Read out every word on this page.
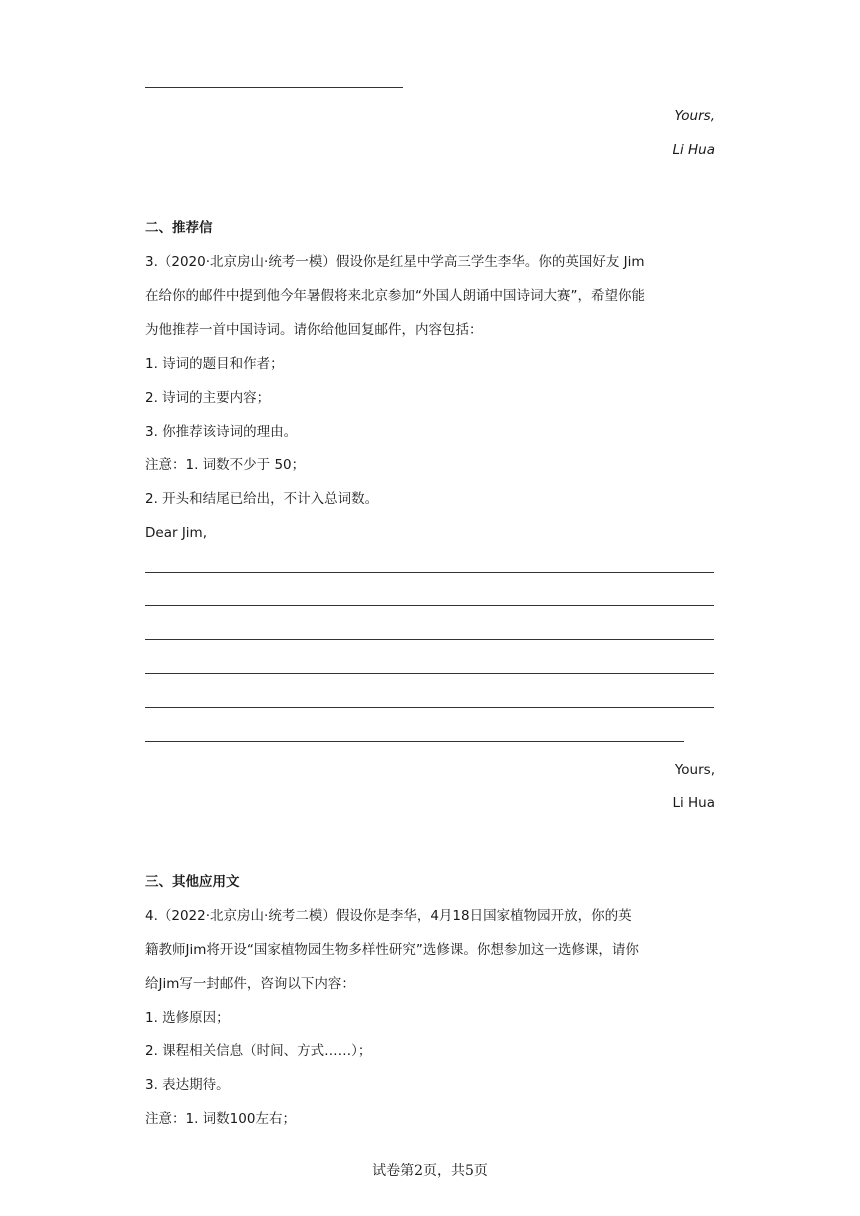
Yours,
Li Hua
二、推荐信
3.（2020·北京房山·统考一模）假设你是红星中学高三学生李华。你的英国好友 Jim
在给你的邮件中提到他今年暑假将来北京参加“外国人朗诵中国诗词大赛”，希望你能
为他推荐一首中国诗词。请你给他回复邮件，内容包括：
1. 诗词的题目和作者；
2. 诗词的主要内容；
3. 你推荐该诗词的理由。
注意：1. 词数不少于 50；
2. 开头和结尾已给出，不计入总词数。
Dear Jim,
Yours,
Li Hua
三、其他应用文
4.（2022·北京房山·统考二模）假设你是李华，4月18日国家植物园开放，你的英
籍教师Jim将开设“国家植物园生物多样性研究”选修课。你想参加这一选修课，请你
给Jim写一封邮件，咨询以下内容：
1. 选修原因；
2. 课程相关信息（时间、方式……）；
3. 表达期待。
注意：1. 词数100左右；
试卷第2页，共5页
